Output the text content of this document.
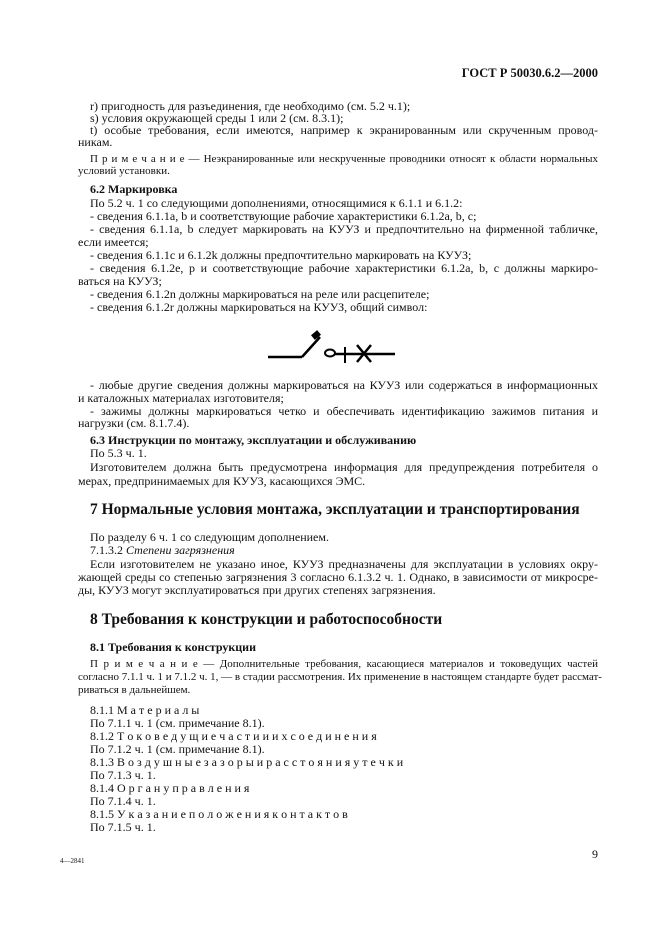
ГОСТ Р 50030.6.2—2000
r) пригодность для разъединения, где необходимо (см. 5.2 ч.1);
s) условия окружающей среды 1 или 2 (см. 8.3.1);
t) особые требования, если имеются, например к экранированным или скрученным провод-
никам.
П р и м е ч а н и е — Неэкранированные или нескрученные проводники относят к области нормальных
условий установки.
6.2 Маркировка
По 5.2 ч. 1 со следующими дополнениями, относящимися к 6.1.1 и 6.1.2:
- сведения 6.1.1a, b и соответствующие рабочие характеристики 6.1.2a, b, c;
- сведения 6.1.1a, b следует маркировать на КУУЗ и предпочтительно на фирменной табличке,
если имеется;
- сведения 6.1.1c и 6.1.2k должны предпочтительно маркировать на КУУЗ;
- сведения 6.1.2e, p и соответствующие рабочие характеристики 6.1.2a, b, c должны маркиро-
ваться на КУУЗ;
- сведения 6.1.2n должны маркироваться на реле или расцепителе;
- сведения 6.1.2r должны маркироваться на КУУЗ, общий символ:
- любые другие сведения должны маркироваться на КУУЗ или содержаться в информационных
и каталожных материалах изготовителя;
- зажимы должны маркироваться четко и обеспечивать идентификацию зажимов питания и
нагрузки (см. 8.1.7.4).
6.3 Инструкции по монтажу, эксплуатации и обслуживанию
По 5.3 ч. 1.
Изготовителем должна быть предусмотрена информация для предупреждения потребителя о
мерах, предпринимаемых для КУУЗ, касающихся ЭМС.
7 Нормальные условия монтажа, эксплуатации и транспортирования
По разделу 6 ч. 1 со следующим дополнением.
7.1.3.2 Степени загрязнения
Если изготовителем не указано иное, КУУЗ предназначены для эксплуатации в условиях окру-
жающей среды со степенью загрязнения 3 согласно 6.1.3.2 ч. 1. Однако, в зависимости от микросре-
ды, КУУЗ могут эксплуатироваться при других степенях загрязнения.
8 Требования к конструкции и работоспособности
8.1 Требования к конструкции
П р и м е ч а н и е — Дополнительные требования, касающиеся материалов и токоведущих частей
согласно 7.1.1 ч. 1 и 7.1.2 ч. 1, — в стадии рассмотрения. Их применение в настоящем стандарте будет рассмат-
риваться в дальнейшем.
8.1.1 М а т е р и а л ы
По 7.1.1 ч. 1 (см. примечание 8.1).
8.1.2 Т о к о в е д у щ и е ч а с т и и и х с о е д и н е н и я
По 7.1.2 ч. 1 (см. примечание 8.1).
8.1.3 В о з д у ш н ы е з а з о р ы и р а с с т о я н и я у т е ч к и
По 7.1.3 ч. 1.
8.1.4 О р г а н у п р а в л е н и я
По 7.1.4 ч. 1.
8.1.5 У к а з а н и е п о л о ж е н и я к о н т а к т о в
По 7.1.5 ч. 1.
4—2841	9
